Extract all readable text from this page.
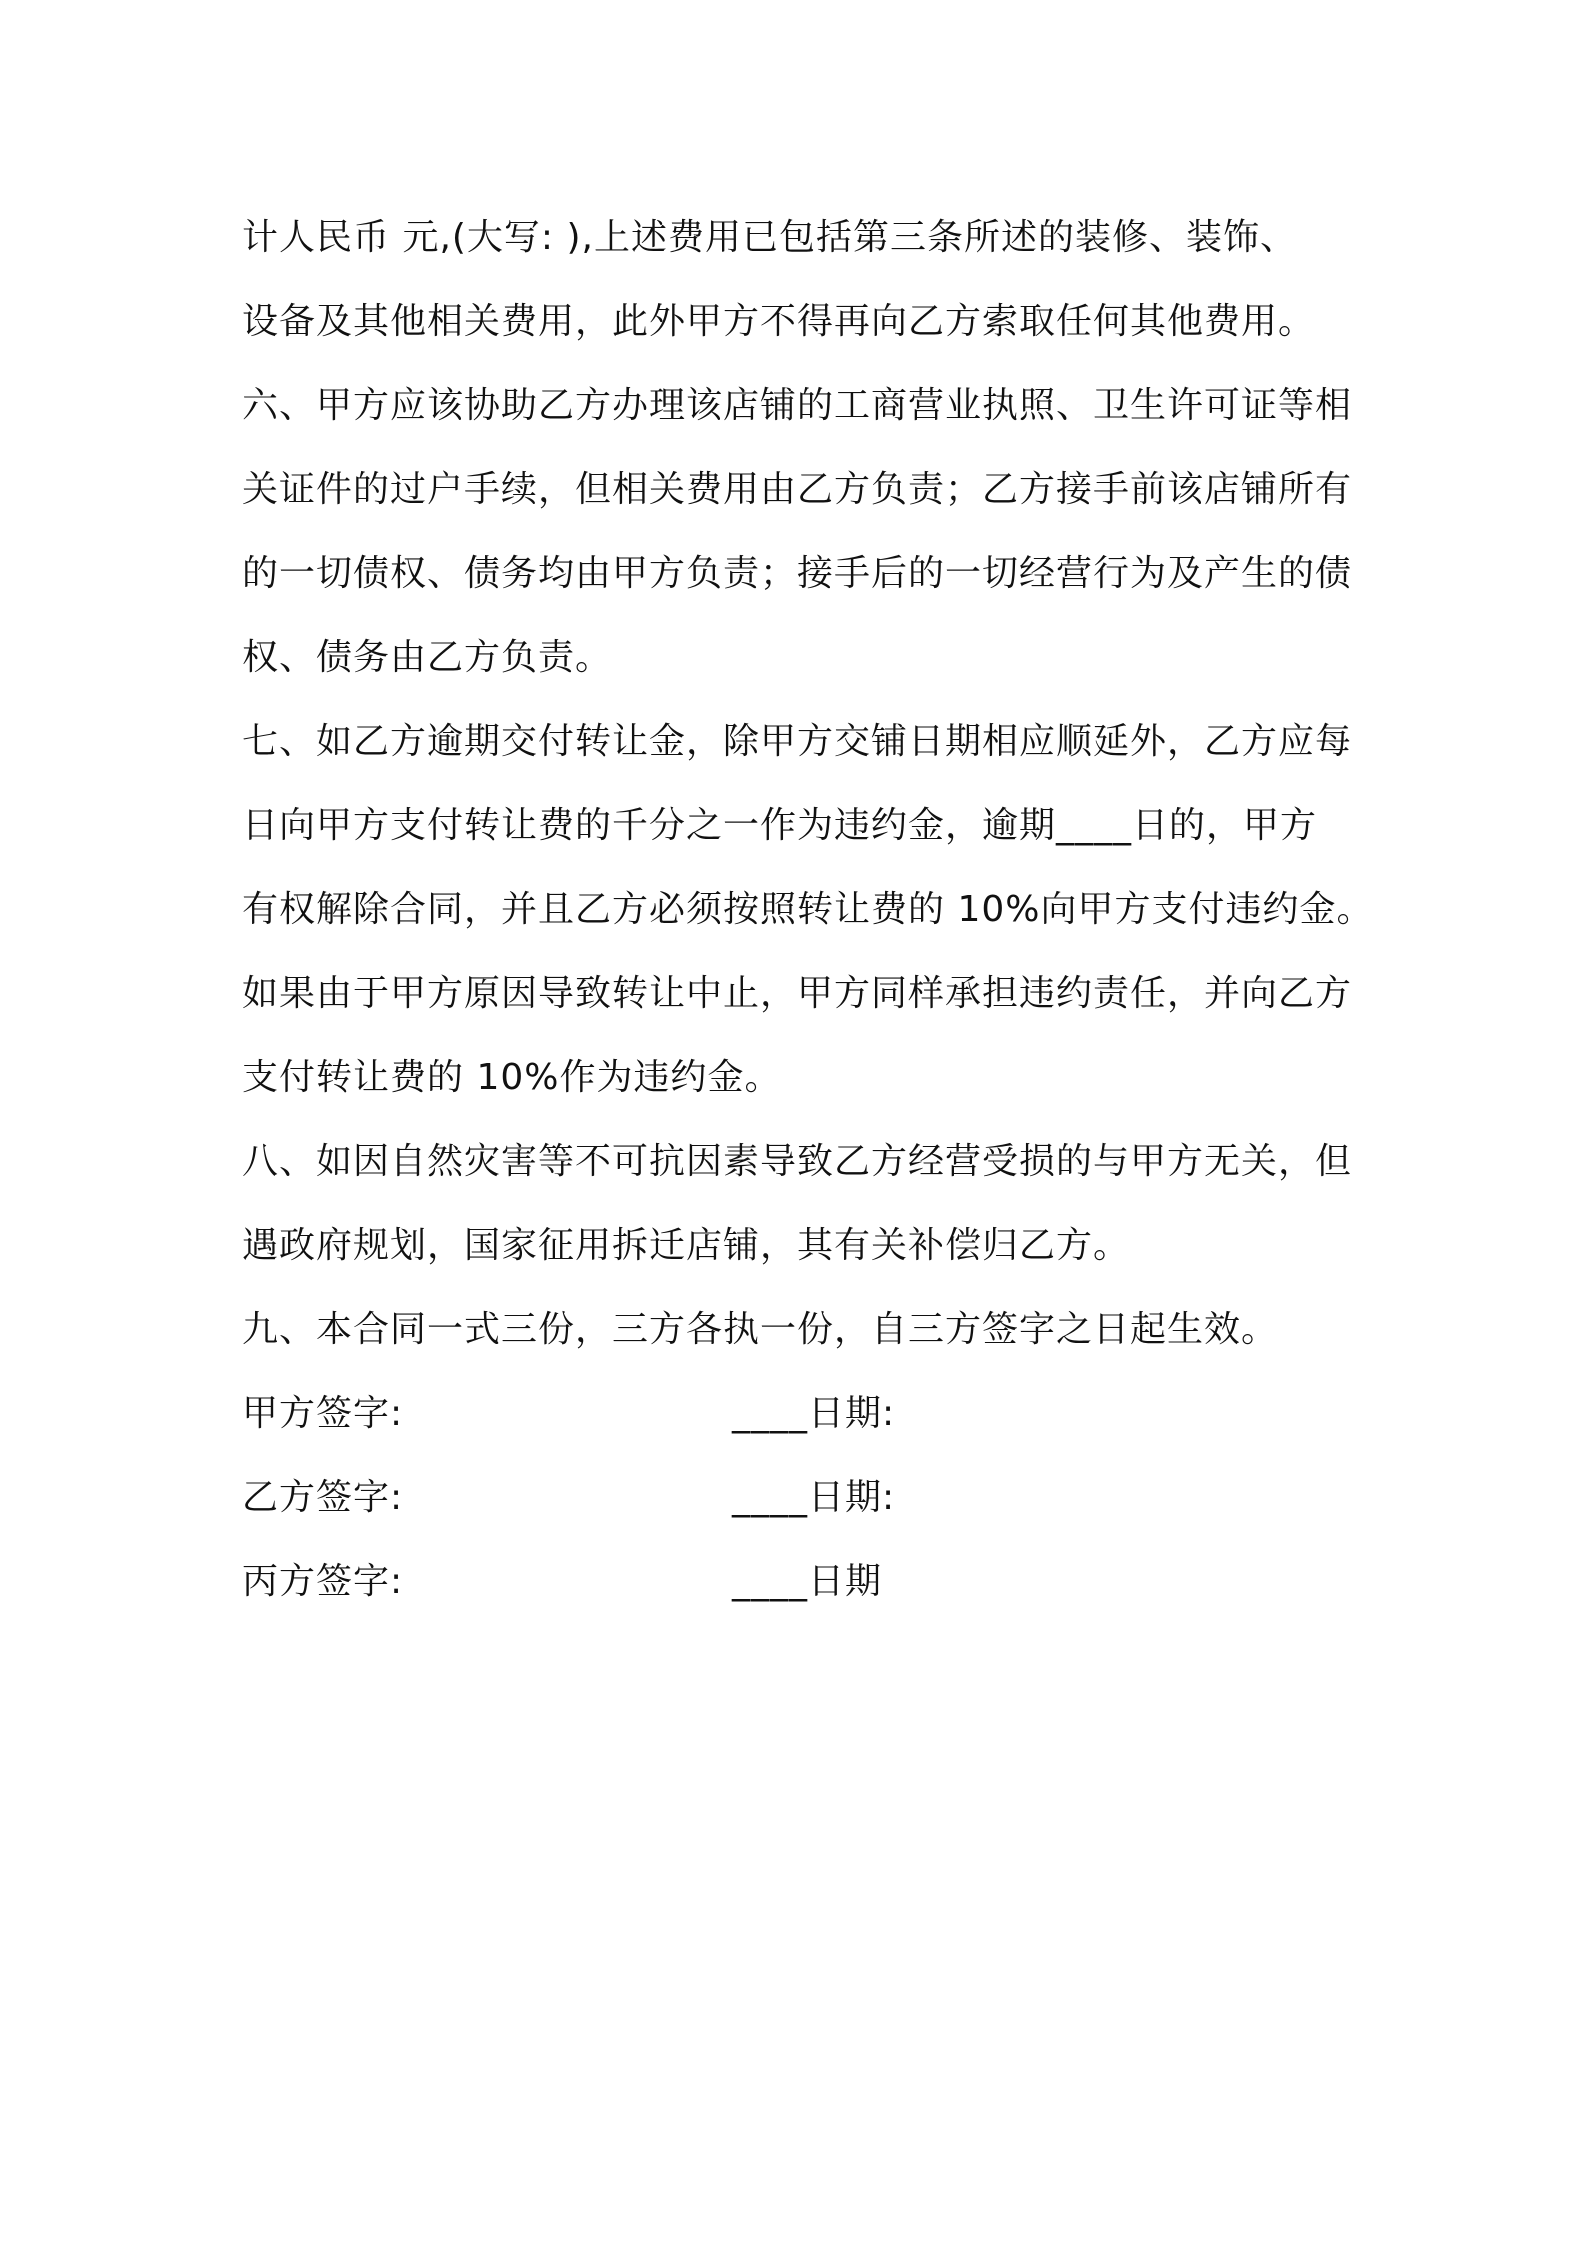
计人民币 元,(大写: ),上述费用已包括第三条所述的装修、装饰、
设备及其他相关费用，此外甲方不得再向乙方索取任何其他费用。
六、甲方应该协助乙方办理该店铺的工商营业执照、卫生许可证等相
关证件的过户手续，但相关费用由乙方负责；乙方接手前该店铺所有
的一切债权、债务均由甲方负责；接手后的一切经营行为及产生的债
权、债务由乙方负责。
七、如乙方逾期交付转让金，除甲方交铺日期相应顺延外，乙方应每
日向甲方支付转让费的千分之一作为违约金，逾期____日的，甲方
有权解除合同，并且乙方必须按照转让费的 10%向甲方支付违约金。
如果由于甲方原因导致转让中止，甲方同样承担违约责任，并向乙方
支付转让费的 10%作为违约金。
八、如因自然灾害等不可抗因素导致乙方经营受损的与甲方无关，但
遇政府规划，国家征用拆迁店铺，其有关补偿归乙方。
九、本合同一式三份，三方各执一份，自三方签字之日起生效。
甲方签字:	____日期:
乙方签字:	____日期:
丙方签字:	____日期
